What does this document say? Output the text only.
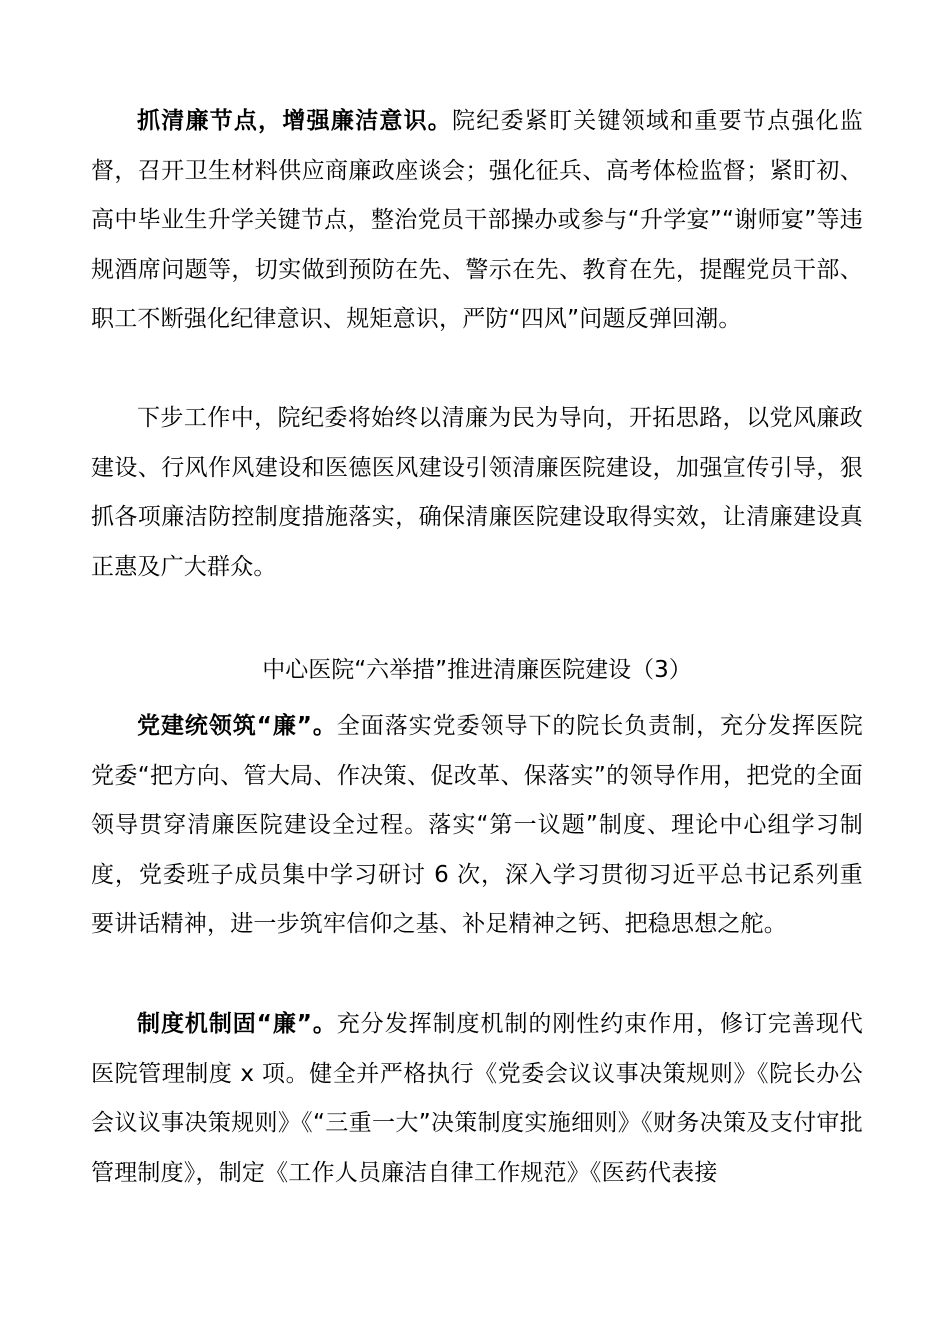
抓清廉节点，增强廉洁意识。院纪委紧盯关键领域和重要节点强化监督，召开卫生材料供应商廉政座谈会；强化征兵、高考体检监督；紧盯初、高中毕业生升学关键节点，整治党员干部操办或参与“升学宴”“谢师宴”等违规酒席问题等，切实做到预防在先、警示在先、教育在先，提醒党员干部、职工不断强化纪律意识、规矩意识，严防“四风”问题反弹回潮。

下步工作中，院纪委将始终以清廉为民为导向，开拓思路，以党风廉政建设、行风作风建设和医德医风建设引领清廉医院建设，加强宣传引导，狠抓各项廉洁防控制度措施落实，确保清廉医院建设取得实效，让清廉建设真正惠及广大群众。

中心医院“六举措”推进清廉医院建设（3）

党建统领筑“廉”。全面落实党委领导下的院长负责制，充分发挥医院党委“把方向、管大局、作决策、促改革、保落实”的领导作用，把党的全面领导贯穿清廉医院建设全过程。落实“第一议题”制度、理论中心组学习制度，党委班子成员集中学习研讨 6 次，深入学习贯彻习近平总书记系列重要讲话精神，进一步筑牢信仰之基、补足精神之钙、把稳思想之舵。

制度机制固“廉”。充分发挥制度机制的刚性约束作用，修订完善现代医院管理制度 x 项。健全并严格执行《党委会议议事决策规则》《院长办公会议议事决策规则》《“三重一大”决策制度实施细则》《财务决策及支付审批管理制度》，制定《工作人员廉洁自律工作规范》《医药代表接
